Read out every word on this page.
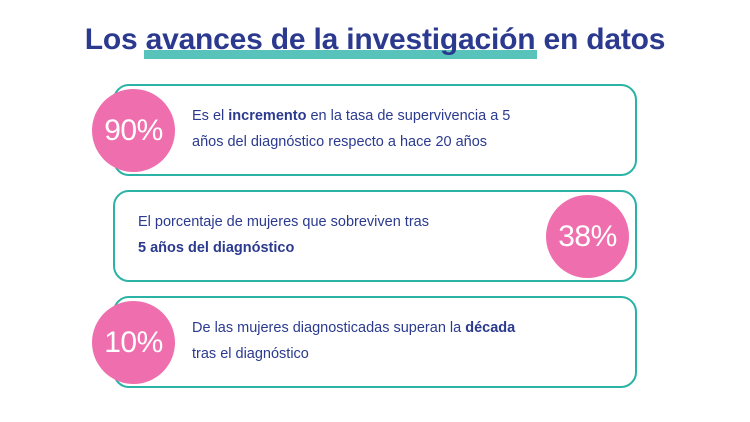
Los avances de la investigación en datos
90% Es el incremento en la tasa de supervivencia a 5
años del diagnóstico respecto a hace 20 años
38%
El porcentaje de mujeres que sobreviven tras
5 años del diagnóstico
10% De las mujeres diagnosticadas superan la década
tras el diagnóstico
